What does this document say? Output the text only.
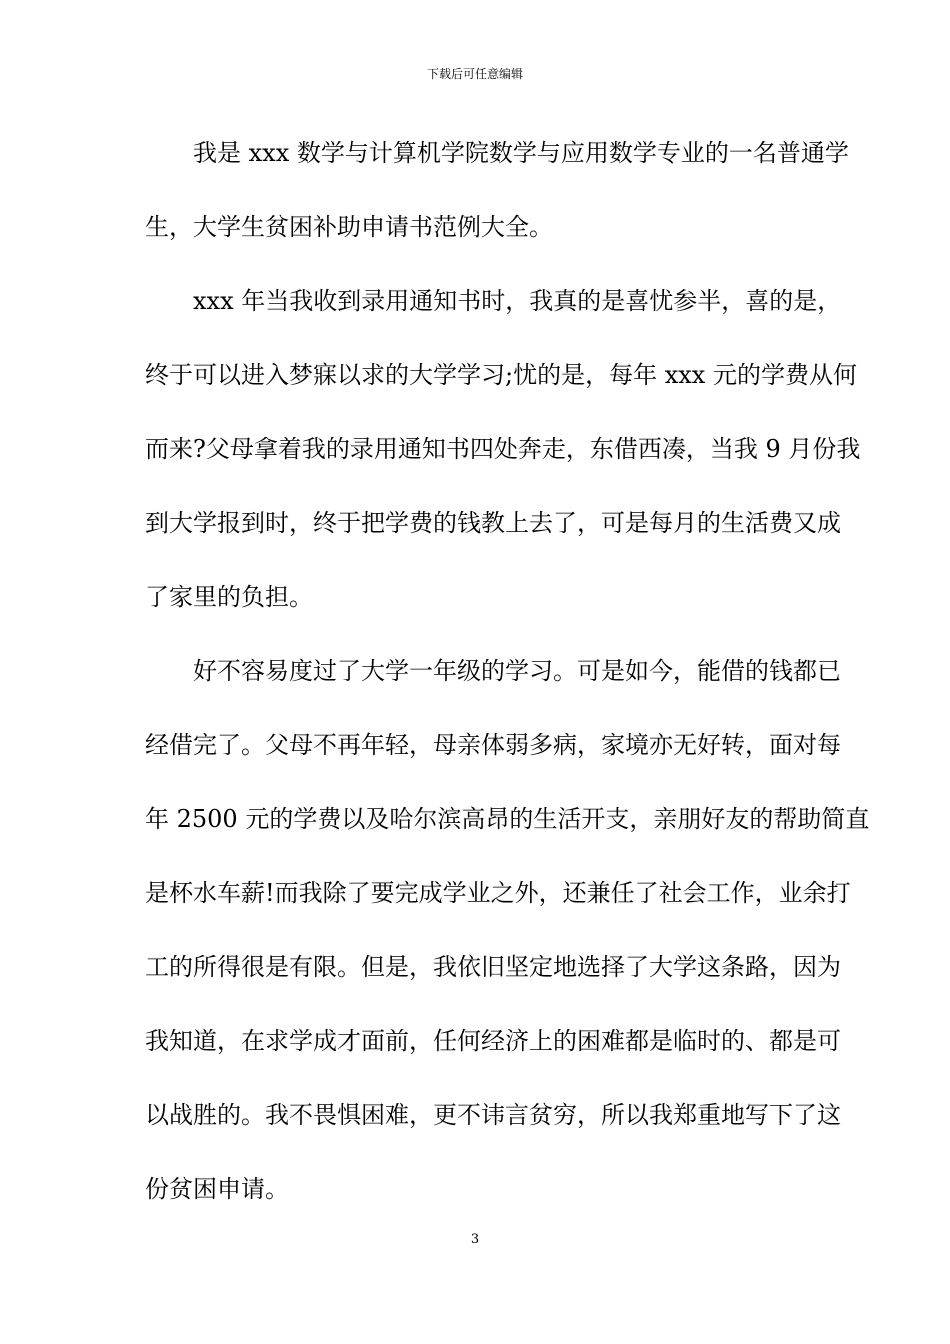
下载后可任意编辑
我是 xxx 数学与计算机学院数学与应用数学专业的一名普通学
生，大学生贫困补助申请书范例大全。
xxx 年当我收到录用通知书时，我真的是喜忧参半，喜的是，
终于可以进入梦寐以求的大学学习;忧的是，每年 xxx 元的学费从何
而来?父母拿着我的录用通知书四处奔走，东借西凑，当我 9 月份我
到大学报到时，终于把学费的钱教上去了，可是每月的生活费又成
了家里的负担。
好不容易度过了大学一年级的学习。可是如今，能借的钱都已
经借完了。父母不再年轻，母亲体弱多病，家境亦无好转，面对每
年 2500 元的学费以及哈尔滨高昂的生活开支，亲朋好友的帮助简直
是杯水车薪!而我除了要完成学业之外，还兼任了社会工作，业余打
工的所得很是有限。但是，我依旧坚定地选择了大学这条路，因为
我知道，在求学成才面前，任何经济上的困难都是临时的、都是可
以战胜的。我不畏惧困难，更不讳言贫穷，所以我郑重地写下了这
份贫困申请。
3
